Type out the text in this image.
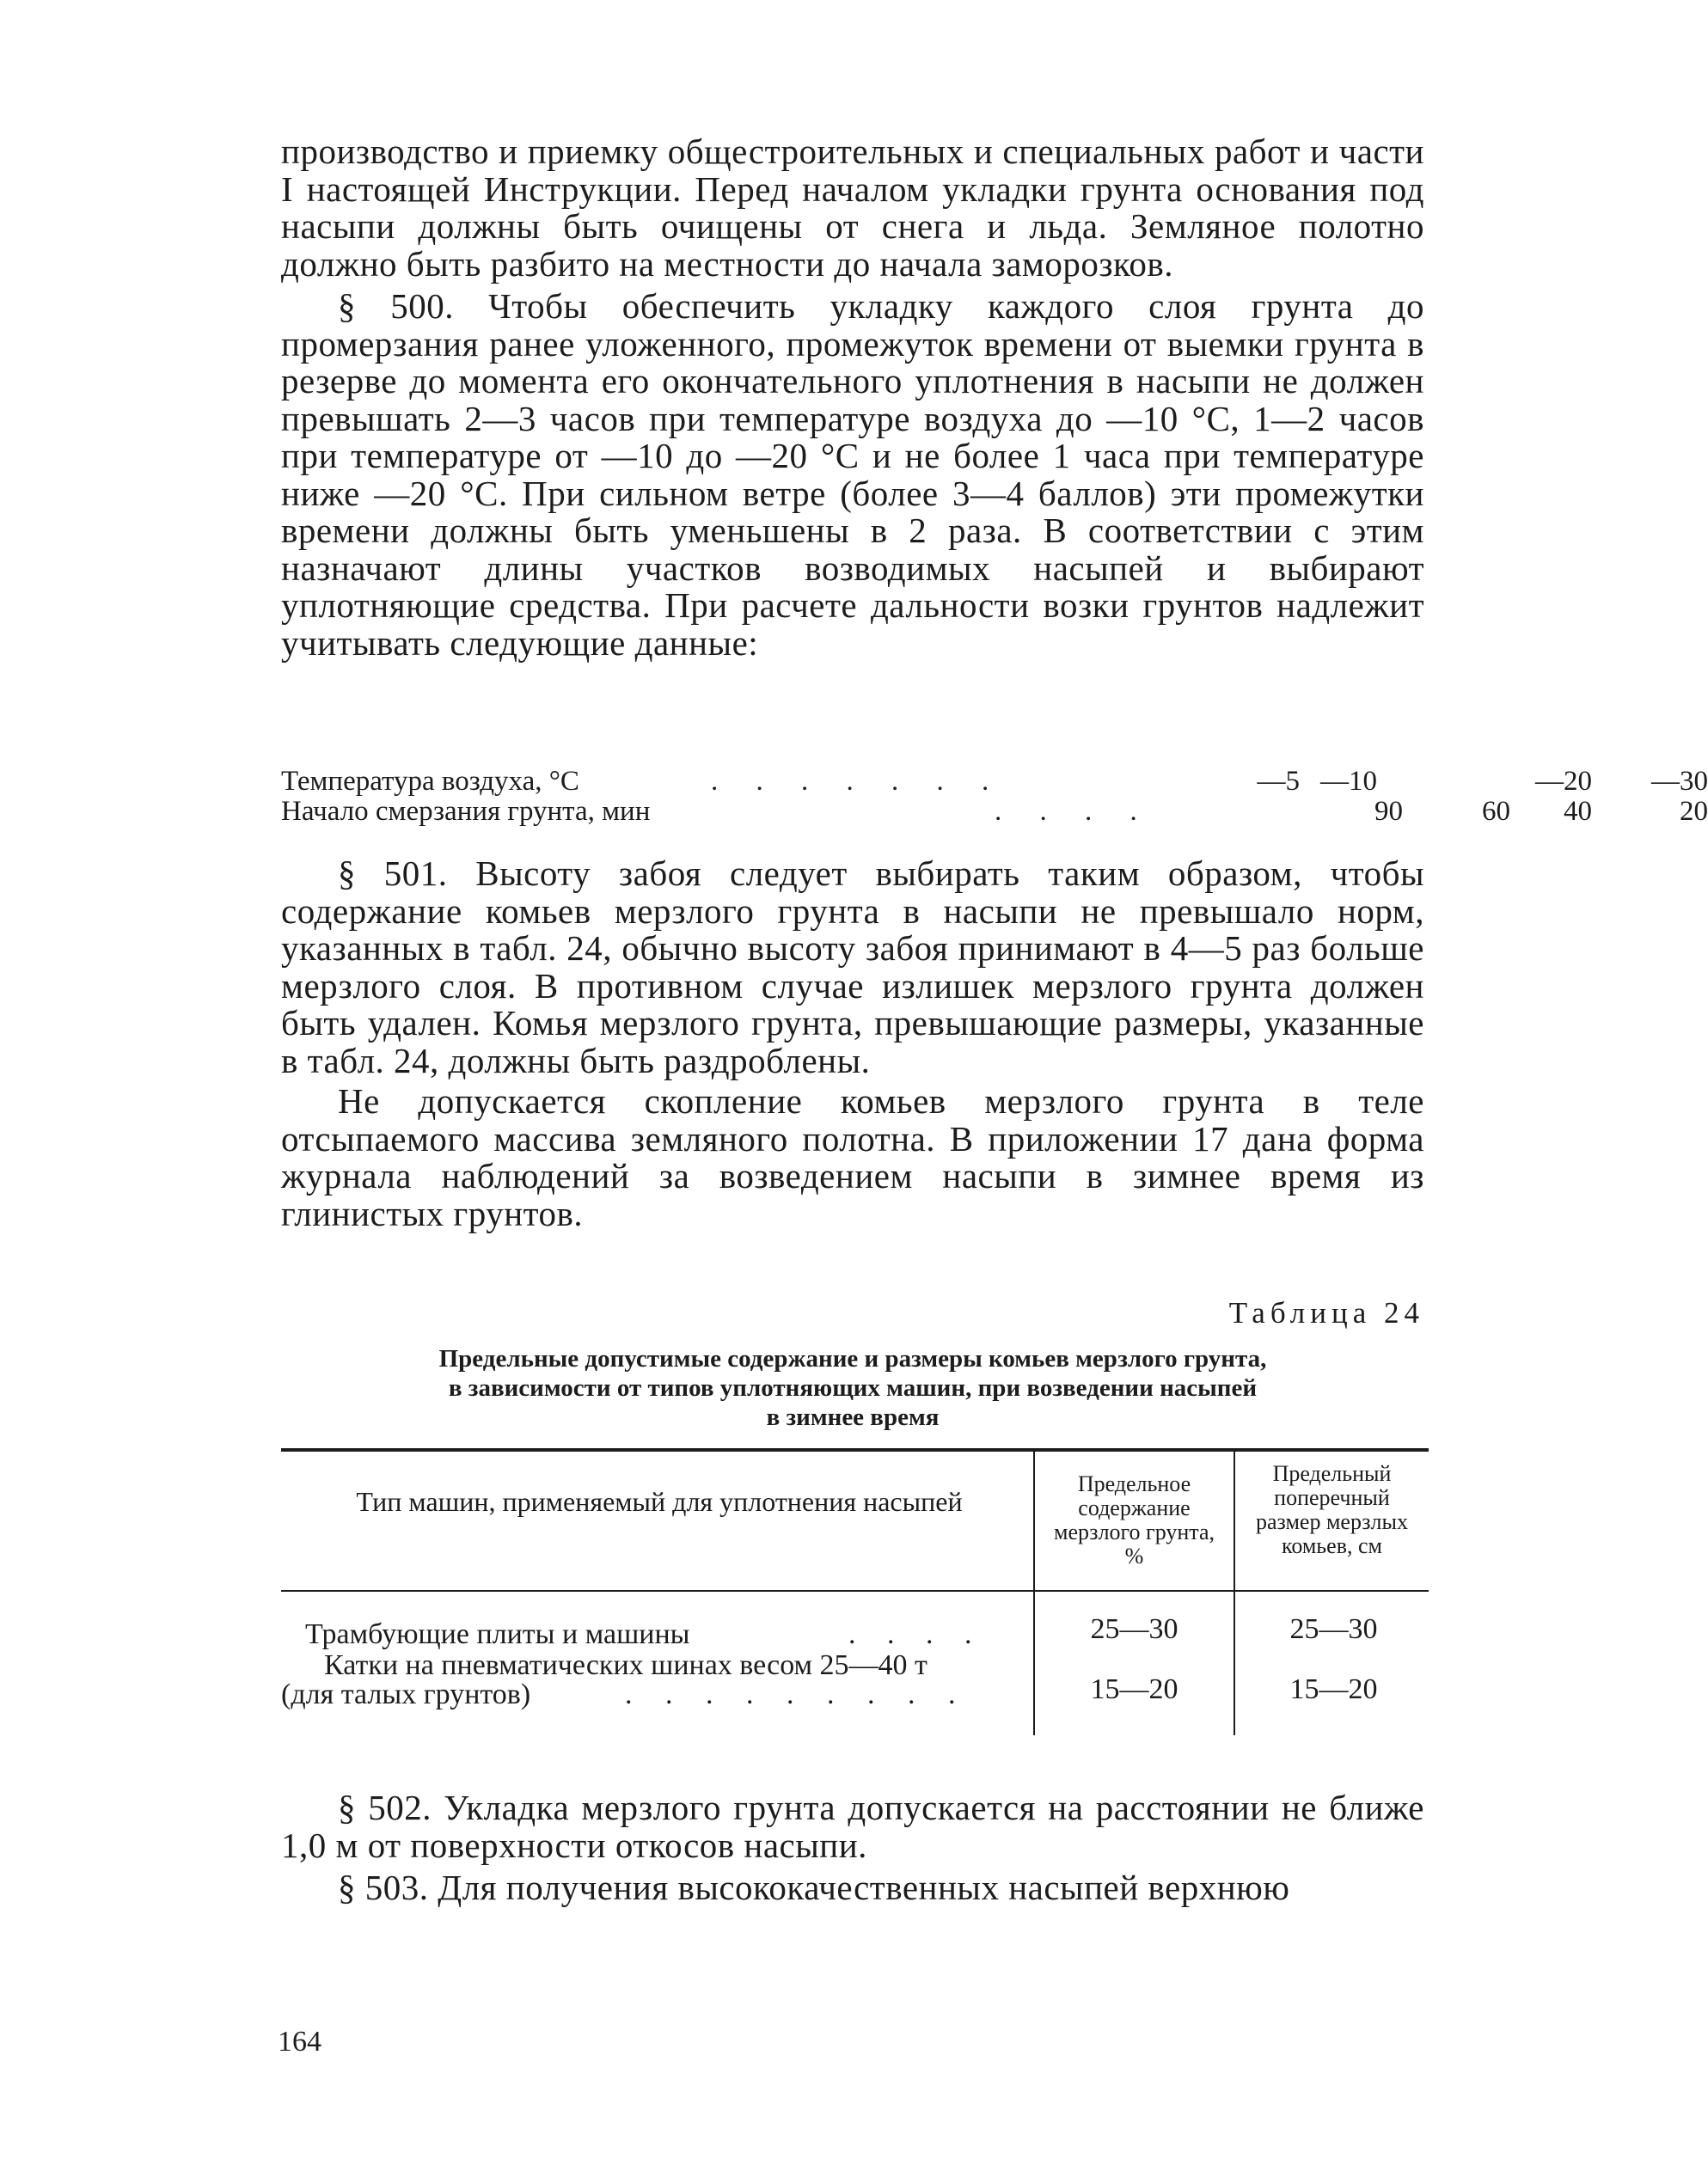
производство и приемку общестроительных и специальных работ и части I настоящей Инструкции. Перед началом укладки грунта основания под насыпи должны быть очищены от снега и льда. Земляное полотно должно быть разбито на местности до начала заморозков.

§ 500. Чтобы обеспечить укладку каждого слоя грунта до промерзания ранее уложенного, промежуток времени от выемки грунта в резерве до момента его окончательного уплотнения в насыпи не должен превышать 2—3 часов при температуре воздуха до —10 °С, 1—2 часов при температуре от —10 до —20 °С и не более 1 часа при температуре ниже —20 °С. При сильном ветре (более 3—4 баллов) эти промежутки времени должны быть уменьшены в 2 раза. В соответствии с этим назначают длины участков возводимых насыпей и выбирают уплотняющие средства. При расчете дальности возки грунтов надлежит учитывать следующие данные:

Температура воздуха, °С	. . . . . . .	—5 —10	—20	—30
Начало смерзания грунта, мин	. . . .	90	60	40	20

§ 501. Высоту забоя следует выбирать таким образом, чтобы содержание комьев мерзлого грунта в насыпи не превышало норм, указанных в табл. 24, обычно высоту забоя принимают в 4—5 раз больше мерзлого слоя. В противном случае излишек мерзлого грунта должен быть удален. Комья мерзлого грунта, превышающие размеры, указанные в табл. 24, должны быть раздроблены.

Не допускается скопление комьев мерзлого грунта в теле отсыпаемого массива земляного полотна. В приложении 17 дана форма журнала наблюдений за возведением насыпи в зимнее время из глинистых грунтов.

Таблица 24
Предельные допустимые содержание и размеры комьев мерзлого грунта,
в зависимости от типов уплотняющих машин, при возведении насыпей
в зимнее время
Тип машин, применяемый для уплотнения насыпей
Предельное содержание мерзлого грунта, %
Предельный поперечный размер мерзлых комьев, см
Трамбующие плиты и машины	. . . .	25—30	25—30
Катки на пневматических шинах весом 25—40 т
(для талых грунтов)	. . . . . . . . .	15—20	15—20

§ 502. Укладка мерзлого грунта допускается на расстоянии не ближе 1,0 м от поверхности откосов насыпи.

§ 503. Для получения высококачественных насыпей верхнюю

164
